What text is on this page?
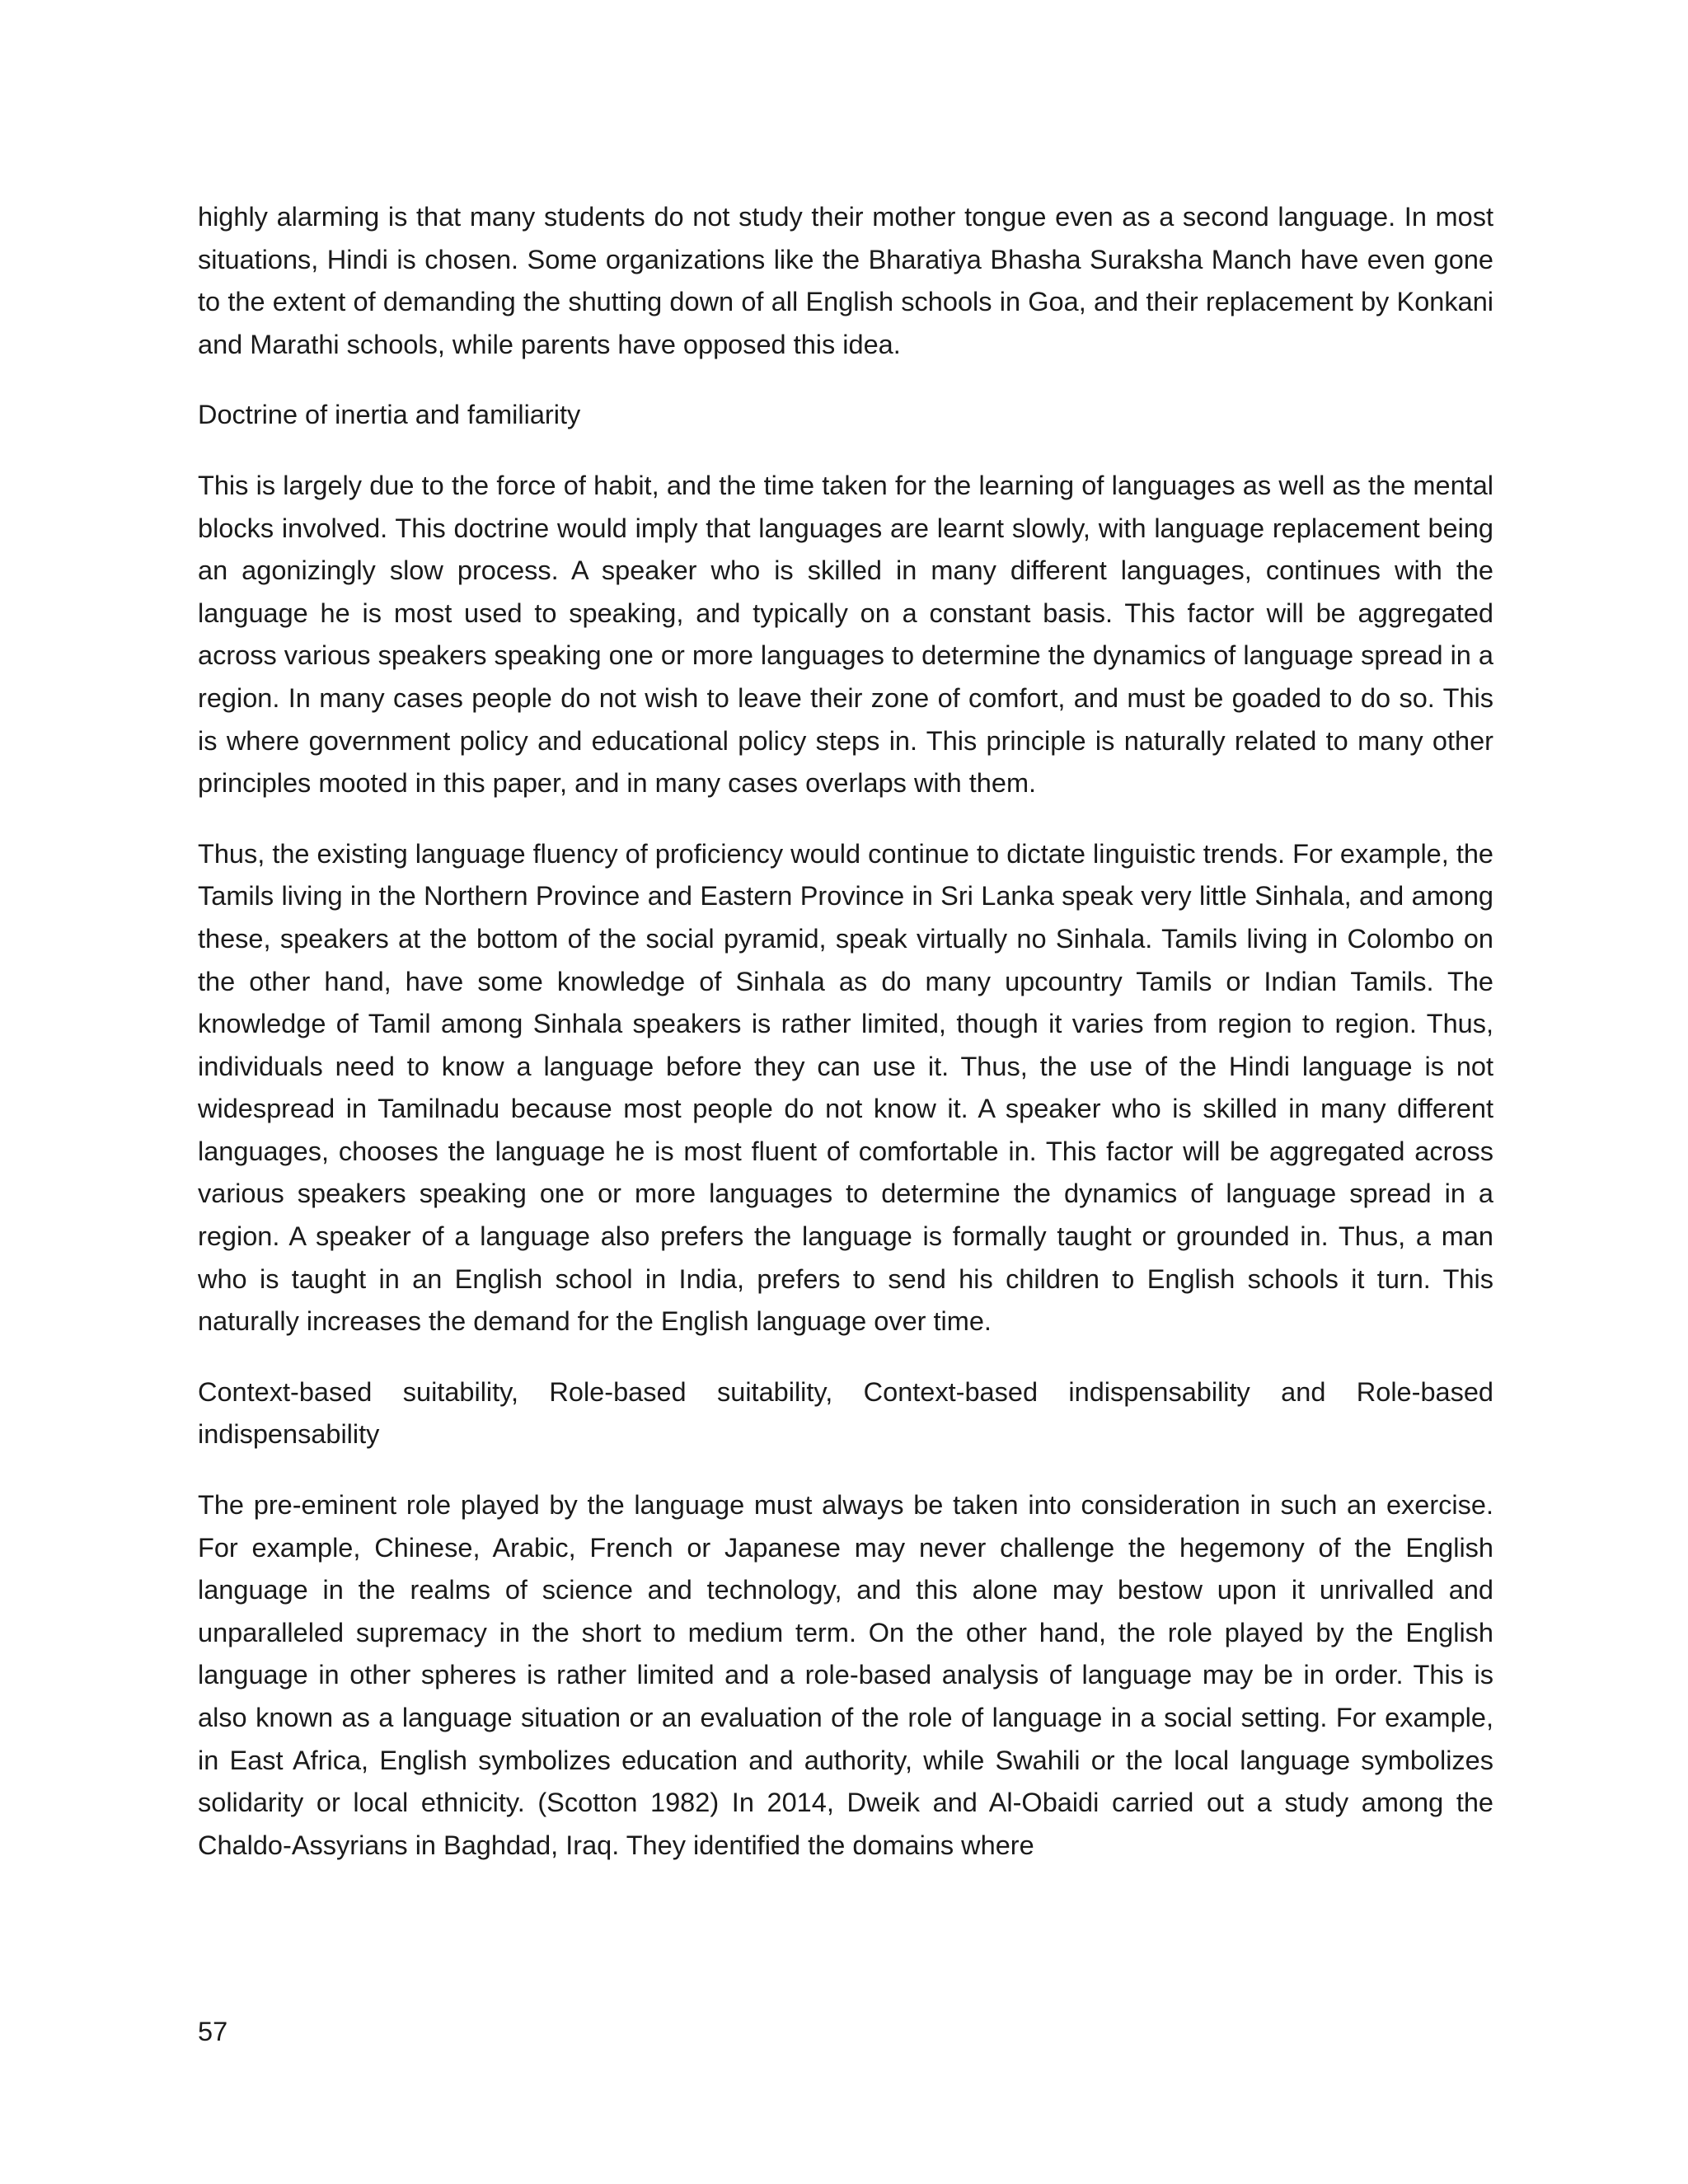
highly alarming is that many students do not study their mother tongue even as a second language. In most situations, Hindi is chosen. Some organizations like the Bharatiya Bhasha Suraksha Manch have even gone to the extent of demanding the shutting down of all English schools in Goa, and their replacement by Konkani and Marathi schools, while parents have opposed this idea.

Doctrine of inertia and familiarity

This is largely due to the force of habit, and the time taken for the learning of languages as well as the mental blocks involved. This doctrine would imply that languages are learnt slowly, with language replacement being an agonizingly slow process. A speaker who is skilled in many different languages, continues with the language he is most used to speaking, and typically on a constant basis. This factor will be aggregated across various speakers speaking one or more languages to determine the dynamics of language spread in a region. In many cases people do not wish to leave their zone of comfort, and must be goaded to do so. This is where government policy and educational policy steps in. This principle is naturally related to many other principles mooted in this paper, and in many cases overlaps with them.

Thus, the existing language fluency of proficiency would continue to dictate linguistic trends. For example, the Tamils living in the Northern Province and Eastern Province in Sri Lanka speak very little Sinhala, and among these, speakers at the bottom of the social pyramid, speak virtually no Sinhala. Tamils living in Colombo on the other hand, have some knowledge of Sinhala as do many upcountry Tamils or Indian Tamils. The knowledge of Tamil among Sinhala speakers is rather limited, though it varies from region to region. Thus, individuals need to know a language before they can use it. Thus, the use of the Hindi language is not widespread in Tamilnadu because most people do not know it. A speaker who is skilled in many different languages, chooses the language he is most fluent of comfortable in. This factor will be aggregated across various speakers speaking one or more languages to determine the dynamics of language spread in a region. A speaker of a language also prefers the language is formally taught or grounded in. Thus, a man who is taught in an English school in India, prefers to send his children to English schools it turn. This naturally increases the demand for the English language over time.

Context-based suitability, Role-based suitability, Context-based indispensability and Role-based indispensability

The pre-eminent role played by the language must always be taken into consideration in such an exercise. For example, Chinese, Arabic, French or Japanese may never challenge the hegemony of the English language in the realms of science and technology, and this alone may bestow upon it unrivalled and unparalleled supremacy in the short to medium term. On the other hand, the role played by the English language in other spheres is rather limited and a role-based analysis of language may be in order. This is also known as a language situation or an evaluation of the role of language in a social setting. For example, in East Africa, English symbolizes education and authority, while Swahili or the local language symbolizes solidarity or local ethnicity. (Scotton 1982) In 2014, Dweik and Al-Obaidi carried out a study among the Chaldo-Assyrians in Baghdad, Iraq. They identified the domains where

57
